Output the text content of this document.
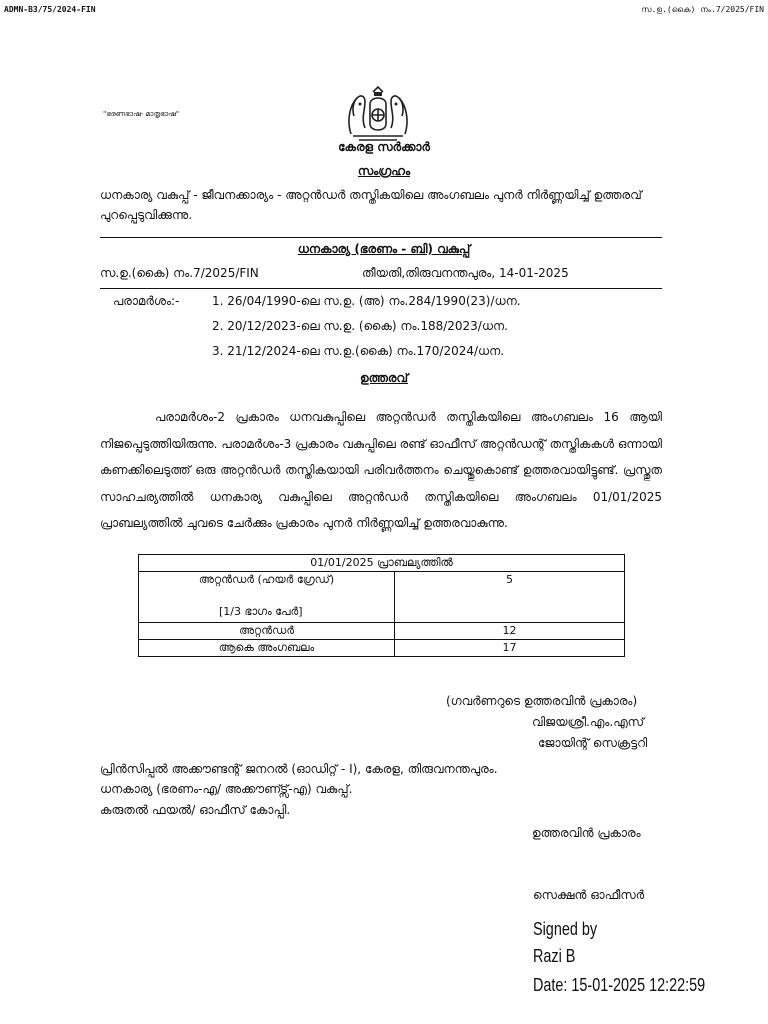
ADMN-B3/75/2024-FIN	സ.ഉ.(കൈ) നം.7/2025/FIN
"ഭരണഭാഷ- മാതൃഭാഷ"
കേരള സർക്കാർ
സംഗ്രഹം
ധനകാര്യ വകുപ്പ് - ജീവനക്കാര്യം - അറ്റൻഡർ തസ്തികയിലെ അംഗബലം പുനർ നിർണ്ണയിച്ച് ഉത്തരവ് പുറപ്പെടുവിക്കുന്നു.
ധനകാര്യ (ഭരണം - ബി) വകുപ്പ്
സ.ഉ.(കൈ) നം.7/2025/FIN	തീയതി,തിരുവനന്തപുരം, 14-01-2025
പരാമർശം:-	1. 26/04/1990-ലെ സ.ഉ. (അ) നം.284/1990(23)/ധന.
2. 20/12/2023-ലെ സ.ഉ. (കൈ) നം.188/2023/ധന.
3. 21/12/2024-ലെ സ.ഉ.(കൈ) നം.170/2024/ധന.
ഉത്തരവ്
പരാമർശം-2 പ്രകാരം ധനവകുപ്പിലെ അറ്റൻഡർ തസ്തികയിലെ അംഗബലം 16 ആയി നിജപ്പെടുത്തിയിരുന്നു. പരാമർശം-3 പ്രകാരം വകുപ്പിലെ രണ്ട് ഓഫീസ് അറ്റൻഡന്റ് തസ്തികകൾ ഒന്നായി കണക്കിലെടുത്ത് ഒരു അറ്റൻഡർ തസ്തികയായി പരിവർത്തനം ചെയ്തുകൊണ്ട് ഉത്തരവായിട്ടുണ്ട്. പ്രസ്തുത സാഹചര്യത്തിൽ ധനകാര്യ വകുപ്പിലെ അറ്റൻഡർ തസ്തികയിലെ അംഗബലം 01/01/2025 പ്രാബല്യത്തിൽ ചുവടെ ചേർക്കും പ്രകാരം പുനർ നിർണ്ണയിച്ച് ഉത്തരവാകുന്നു.
01/01/2025 പ്രാബല്യത്തിൽ	

അറ്റൻഡർ (ഹയർ ഗ്രേഡ്)
[1/3 ഭാഗം പേർ]	5
അറ്റൻഡർ	12
ആകെ അംഗബലം	17
(ഗവർണറുടെ ഉത്തരവിൻ പ്രകാരം)
വിജയശ്രീ.എം.എസ്
ജോയിന്റ് സെക്രട്ടറി
പ്രിൻസിപ്പൽ അക്കൗണ്ടന്റ് ജനറൽ (ഓഡിറ്റ് - I), കേരള, തിരുവനന്തപുരം.
ധനകാര്യ (ഭരണം-എ/ അക്കൗണ്ട്സ്-എ) വകുപ്പ്.
കരുതൽ ഫയൽ/ ഓഫീസ് കോപ്പി.
ഉത്തരവിൻ പ്രകാരം
സെക്ഷൻ ഓഫീസർ
Signed by
Razi B
Date: 15-01-2025 12:22:59
